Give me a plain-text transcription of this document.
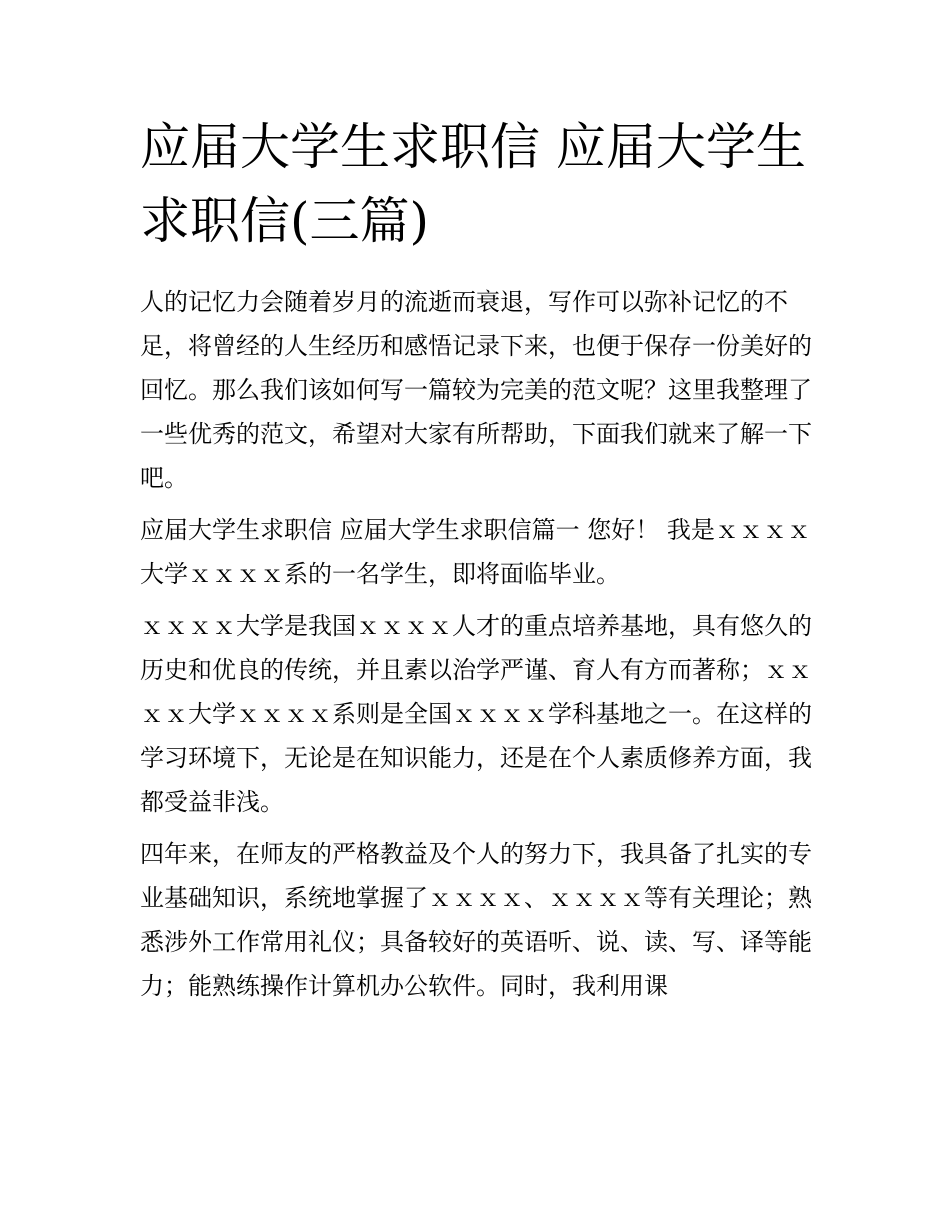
应届大学生求职信 应届大学生求职信(三篇)

人的记忆力会随着岁月的流逝而衰退，写作可以弥补记忆的不足，将曾经的人生经历和感悟记录下来，也便于保存一份美好的回忆。那么我们该如何写一篇较为完美的范文呢？这里我整理了一些优秀的范文，希望对大家有所帮助，下面我们就来了解一下吧。

应届大学生求职信 应届大学生求职信篇一 您好！ 我是ｘｘｘｘ大学ｘｘｘｘ系的一名学生，即将面临毕业。

ｘｘｘｘ大学是我国ｘｘｘｘ人才的重点培养基地，具有悠久的历史和优良的传统，并且素以治学严谨、育人有方而著称；ｘｘｘｘ大学ｘｘｘｘ系则是全国ｘｘｘｘ学科基地之一。在这样的学习环境下，无论是在知识能力，还是在个人素质修养方面，我都受益非浅。

四年来，在师友的严格教益及个人的努力下，我具备了扎实的专业基础知识，系统地掌握了ｘｘｘｘ、ｘｘｘｘ等有关理论；熟悉涉外工作常用礼仪；具备较好的英语听、说、读、写、译等能力；能熟练操作计算机办公软件。同时，我利用课
